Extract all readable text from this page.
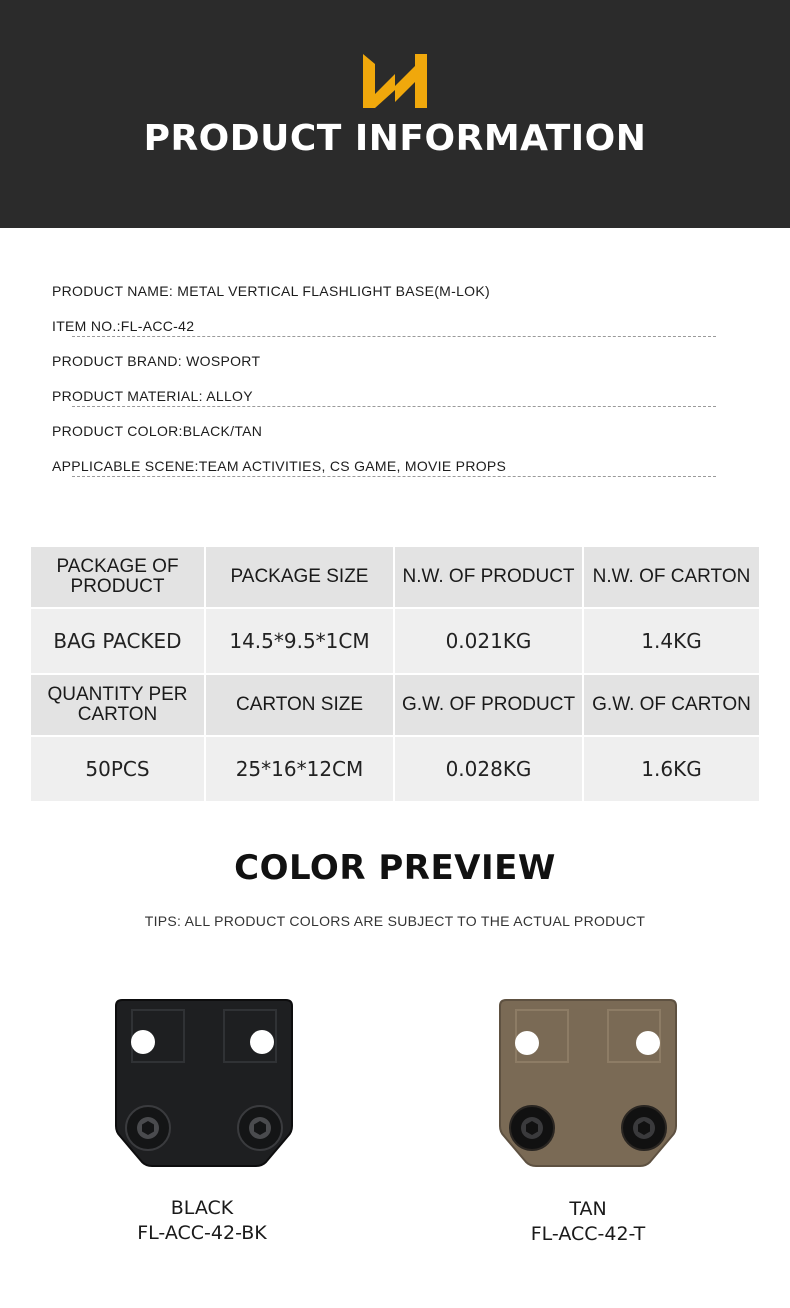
PRODUCT INFORMATION
PRODUCT NAME: METAL VERTICAL FLASHLIGHT BASE(M-LOK)
ITEM NO.:FL-ACC-42
PRODUCT BRAND: WOSPORT
PRODUCT MATERIAL: ALLOY
PRODUCT COLOR:BLACK/TAN
APPLICABLE SCENE:TEAM ACTIVITIES, CS GAME, MOVIE PROPS
PACKAGE OF PRODUCT	PACKAGE SIZE	N.W. OF PRODUCT	N.W. OF CARTON
BAG PACKED	14.5*9.5*1CM	0.021KG	1.4KG
QUANTITY PER CARTON	CARTON SIZE	G.W. OF PRODUCT	G.W. OF CARTON
50PCS	25*16*12CM	0.028KG	1.6KG
COLOR PREVIEW
TIPS: ALL PRODUCT COLORS ARE SUBJECT TO THE ACTUAL PRODUCT
BLACK
FL-ACC-42-BK
TAN
FL-ACC-42-T
